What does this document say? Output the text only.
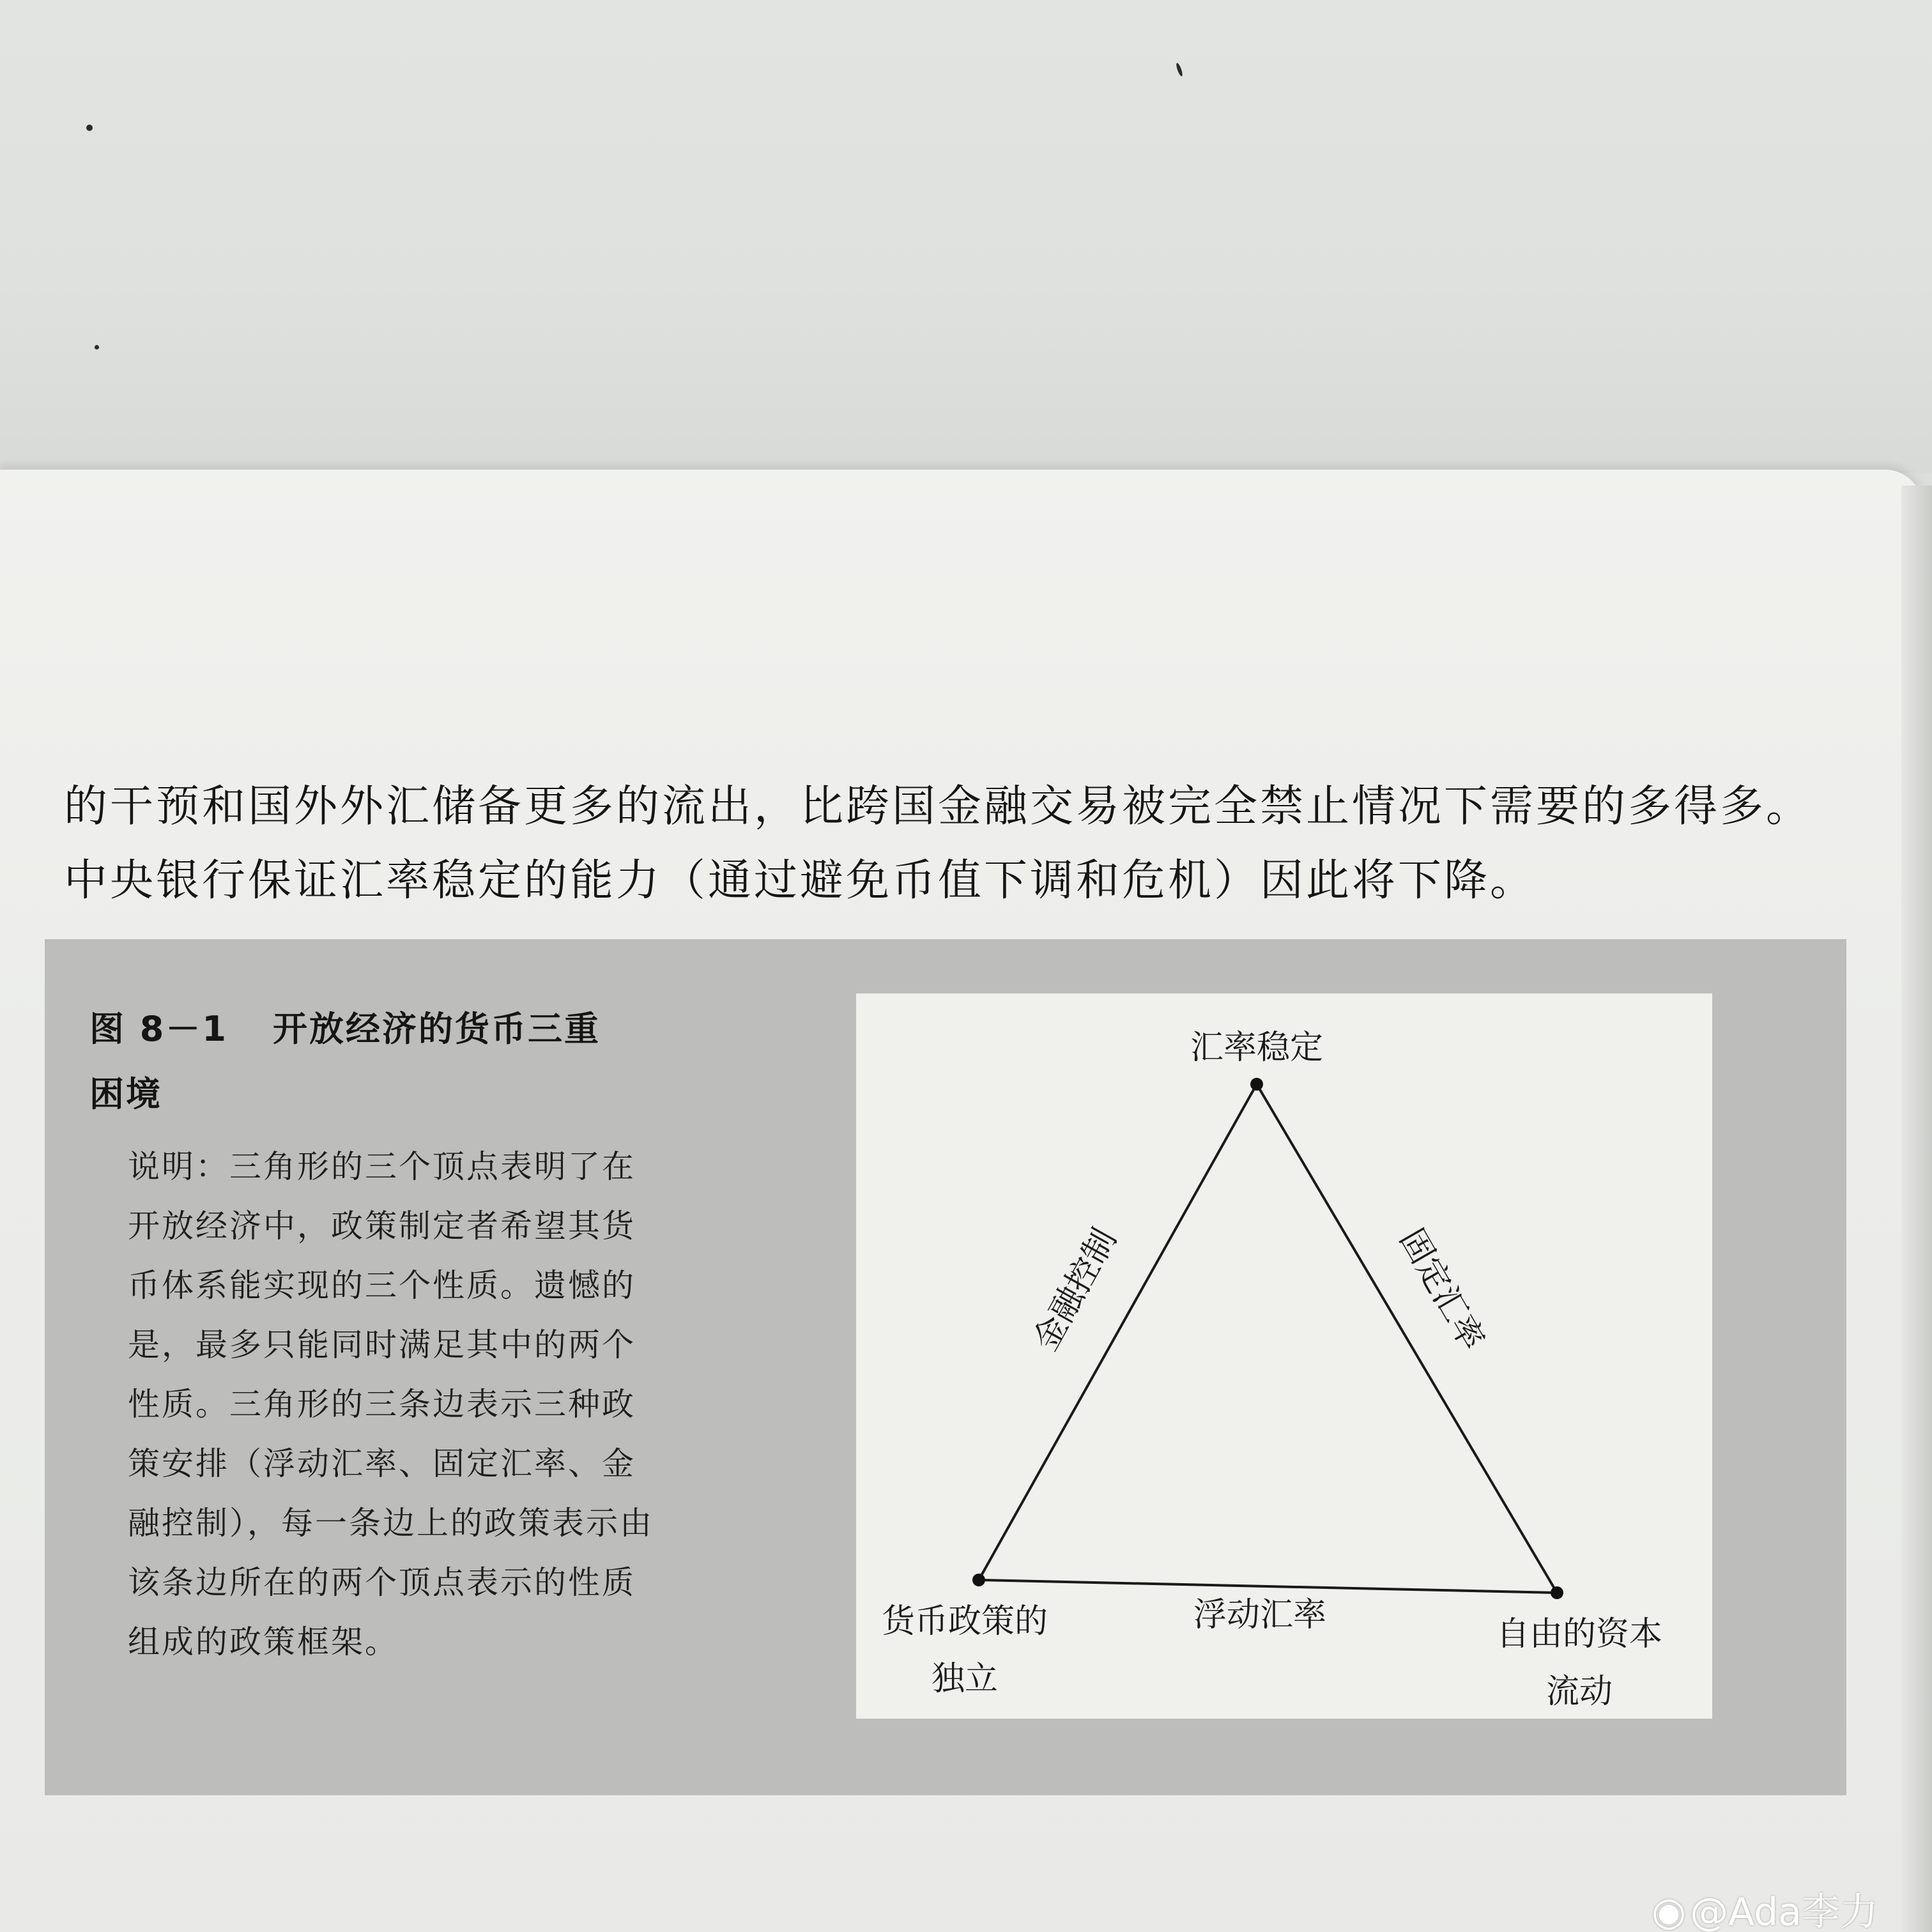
的干预和国外外汇储备更多的流出，比跨国金融交易被完全禁止情况下需要的多得多。

中央银行保证汇率稳定的能力（通过避免币值下调和危机）因此将下降。

图 8－1 开放经济的货币三重
困境

说明：三角形的三个顶点表明了在

开放经济中，政策制定者希望其货

币体系能实现的三个性质。遗憾的

是，最多只能同时满足其中的两个

性质。三角形的三条边表示三种政

策安排（浮动汇率、固定汇率、金

融控制），每一条边上的政策表示由

该条边所在的两个顶点表示的性质

组成的政策框架。

汇率稳定
货币政策的
独立
自由的资本
流动
浮动汇率
金融控制	固定汇率
◉ @Ada李力
